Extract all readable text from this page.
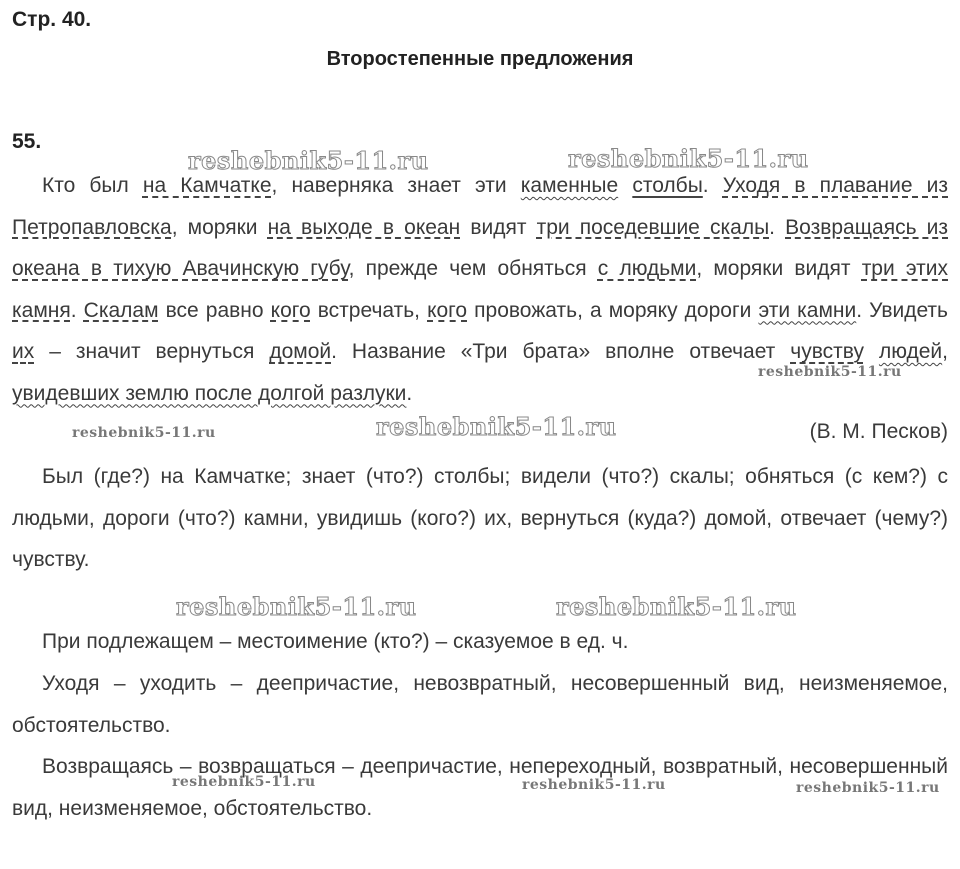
Стр. 40.
Второстепенные предложения
55.
Кто был на Камчатке, наверняка знает эти каменные столбы. Уходя в плавание из Петропавловска, моряки на выходе в океан видят три поседевшие скалы. Возвращаясь из океана в тихую Авачинскую губу, прежде чем обняться с людьми, моряки видят три этих камня. Скалам все равно кого встречать, кого провожать, а моряку дороги эти камни. Увидеть их – значит вернуться домой. Название «Три брата» вполне отвечает чувству людей, увидевших землю после долгой разлуки.
(В. М. Песков)
Был (где?) на Камчатке; знает (что?) столбы; видели (что?) скалы; обняться (с кем?) с людьми, дороги (что?) камни, увидишь (кого?) их, вернуться (куда?) домой, отвечает (чему?) чувству.
При подлежащем – местоимение (кто?) – сказуемое в ед. ч.
Уходя – уходить – деепричастие, невозвратный, несовершенный вид, неизменяемое, обстоятельство.
Возвращаясь – возвращаться – деепричастие, непереходный, возвратный, несовершенный вид, неизменяемое, обстоятельство.
reshebnik5-11.ru	reshebnik5-11.ru
reshebnik5-11.ru
reshebnik5-11.ru	reshebnik5-11.ru
reshebnik5-11.ru	reshebnik5-11.ru
reshebnik5-11.ru	reshebnik5-11.ru	reshebnik5-11.ru
